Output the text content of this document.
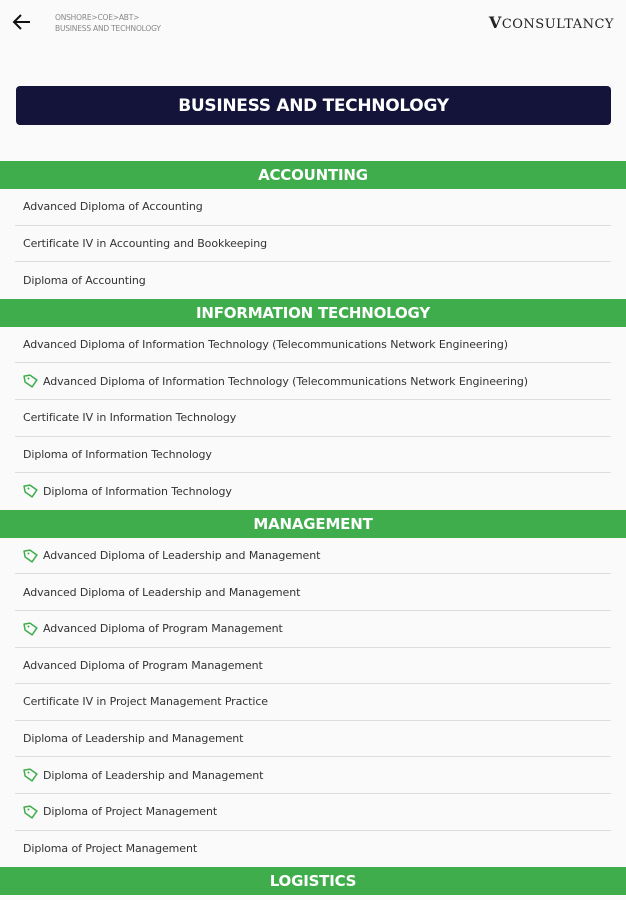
ONSHORE>COE>ABT>
BUSINESS AND TECHNOLOGY	VCONSULTANCY
BUSINESS AND TECHNOLOGY
ACCOUNTING
Advanced Diploma of Accounting
Certificate IV in Accounting and Bookkeeping
Diploma of Accounting
INFORMATION TECHNOLOGY
Advanced Diploma of Information Technology (Telecommunications Network Engineering)
Advanced Diploma of Information Technology (Telecommunications Network Engineering)
Certificate IV in Information Technology
Diploma of Information Technology
Diploma of Information Technology
MANAGEMENT
Advanced Diploma of Leadership and Management
Advanced Diploma of Leadership and Management
Advanced Diploma of Program Management
Advanced Diploma of Program Management
Certificate IV in Project Management Practice
Diploma of Leadership and Management
Diploma of Leadership and Management
Diploma of Project Management
Diploma of Project Management
LOGISTICS
